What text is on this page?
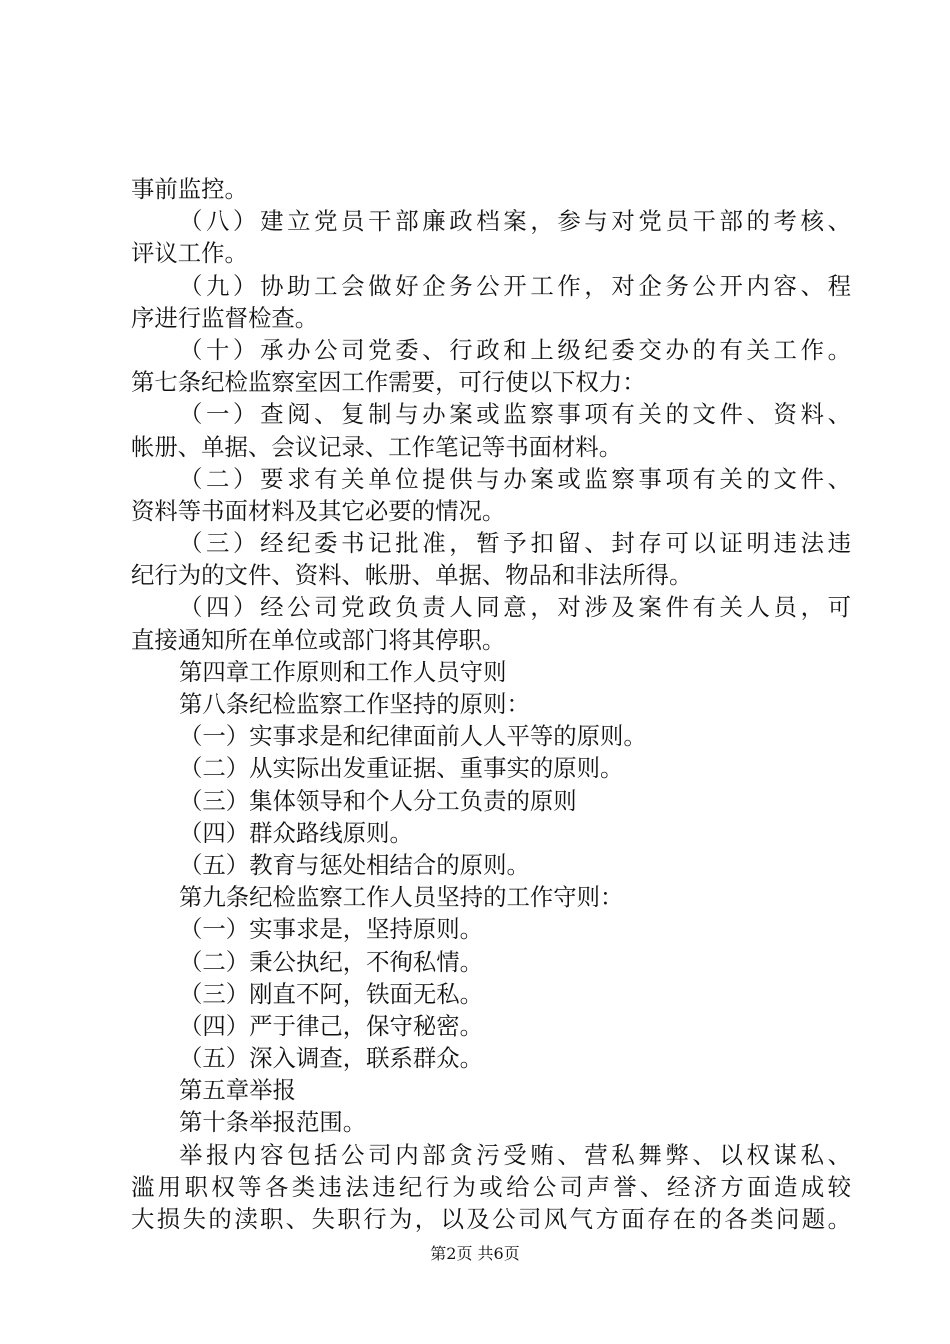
事前监控。
（八）建立党员干部廉政档案，参与对党员干部的考核、
评议工作。
（九）协助工会做好企务公开工作，对企务公开内容、程
序进行监督检查。
（十）承办公司党委、行政和上级纪委交办的有关工作。
第七条纪检监察室因工作需要，可行使以下权力：
（一）查阅、复制与办案或监察事项有关的文件、资料、
帐册、单据、会议记录、工作笔记等书面材料。
（二）要求有关单位提供与办案或监察事项有关的文件、
资料等书面材料及其它必要的情况。
（三）经纪委书记批准，暂予扣留、封存可以证明违法违
纪行为的文件、资料、帐册、单据、物品和非法所得。
（四）经公司党政负责人同意，对涉及案件有关人员，可
直接通知所在单位或部门将其停职。
第四章工作原则和工作人员守则
第八条纪检监察工作坚持的原则：
（一）实事求是和纪律面前人人平等的原则。
（二）从实际出发重证据、重事实的原则。
（三）集体领导和个人分工负责的原则
（四）群众路线原则。
（五）教育与惩处相结合的原则。
第九条纪检监察工作人员坚持的工作守则：
（一）实事求是，坚持原则。
（二）秉公执纪，不徇私情。
（三）刚直不阿，铁面无私。
（四）严于律己，保守秘密。
（五）深入调查，联系群众。
第五章举报
第十条举报范围。
举报内容包括公司内部贪污受贿、营私舞弊、以权谋私、
滥用职权等各类违法违纪行为或给公司声誉、经济方面造成较
大损失的渎职、失职行为，以及公司风气方面存在的各类问题。
第2页 共6页
